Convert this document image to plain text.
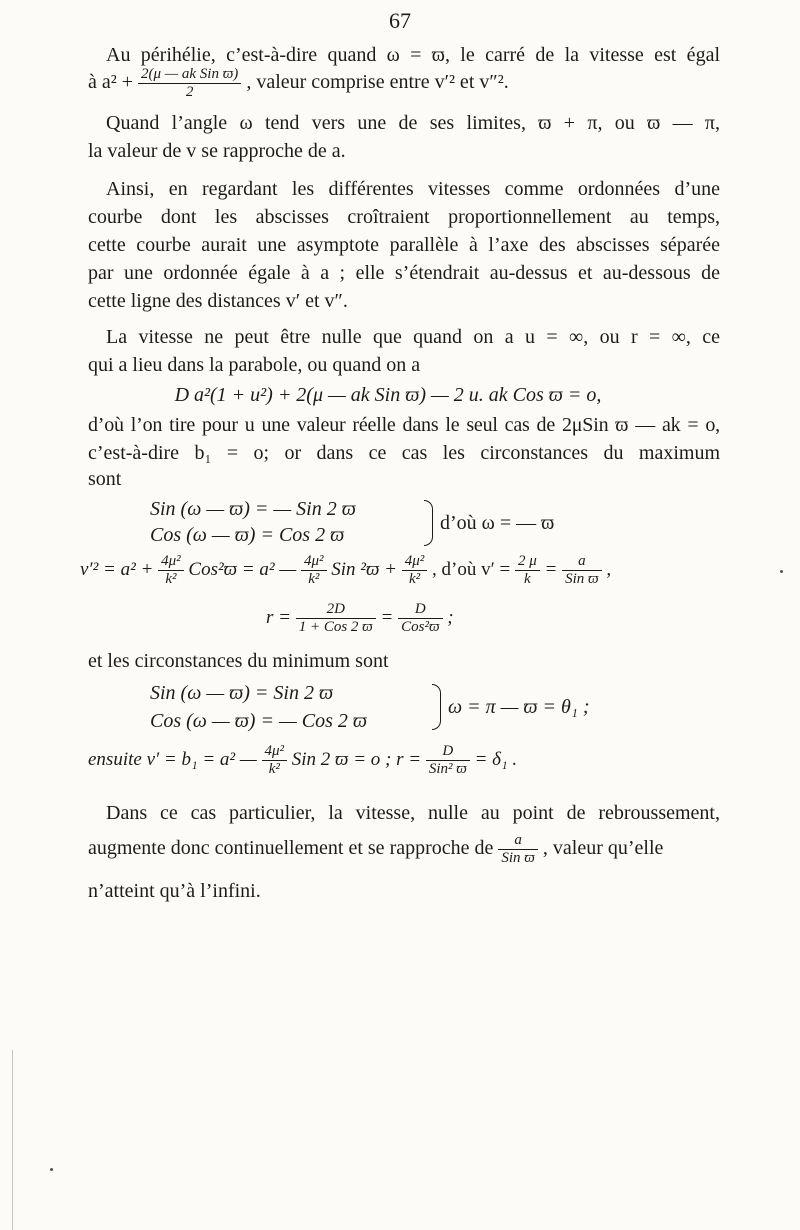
67
Au périhélie, c’est-à-dire quand ω = ϖ, le carré de la vitesse est égal
à $a^2 + \frac{\text{2(μ — ak Sin ϖ)}}{2}$ , valeur comprise entre v′² et v″².
Quand l’angle ω tend vers une de ses limites, ϖ + π, ou ϖ — π,
la valeur de v se rapproche de a.
Ainsi, en regardant les différentes vitesses comme ordonnées d’une
courbe dont les abscisses croîtraient proportionnellement au temps,
cette courbe aurait une asymptote parallèle à l’axe des abscisses séparée
par une ordonnée égale à a ; elle s’étendrait au-dessus et au-dessous de
cette ligne des distances v′ et v″.
La vitesse ne peut être nulle que quand on a u = ∞, ou r = ∞, ce
qui a lieu dans la parabole, ou quand on a
D a²(1 + u²) + 2(μ — ak Sin ϖ) — 2 u. ak Cos ϖ = o,
d’où l’on tire pour u une valeur réelle dans le seul cas de 2μSin ϖ — ak = o,
c’est-à-dire b₁ = o; or dans ce cas les circonstances du maximum
sont
Sin (ω — ϖ) = — Sin 2 ϖ
Cos (ω — ϖ) = Cos 2 ϖ
d’où ω = — ϖ
$v'^2 = a^2 + \frac{\text{4μ²}}{\text{k²}} Cos^2ϖ = a^2$ — $\frac{\text{4μ²}}{\text{k²}}$ Sin $^2ϖ + \frac{\text{4μ²}}{\text{k²}}$ , d’où $v' = \frac{2 \mu}{k} = \frac{a}{\text{Sin ϖ}}$ ,
$r = \frac{2D}{\text{1 + Cos 2 ϖ}} = \frac{D}{\text{Cos²ϖ}}$ ;
et les circonstances du minimum sont
Sin (ω — ϖ) = Sin 2 ϖ
Cos (ω — ϖ) = — Cos 2 ϖ
ω = π — ϖ = θ₁ ;
ensuite v′ = b₁ = a² — $\frac{\text{4μ²}}{\text{k²}}$ Sin 2 ϖ = o ; $r = \frac{D}{\text{Sin² ϖ}} = \delta_1$ .
Dans ce cas particulier, la vitesse, nulle au point de rebroussement,
augmente donc continuellement et se rapproche de $\frac{a}{\text{Sin ϖ}}$ , valeur qu’elle
n’atteint qu’à l’infini.
